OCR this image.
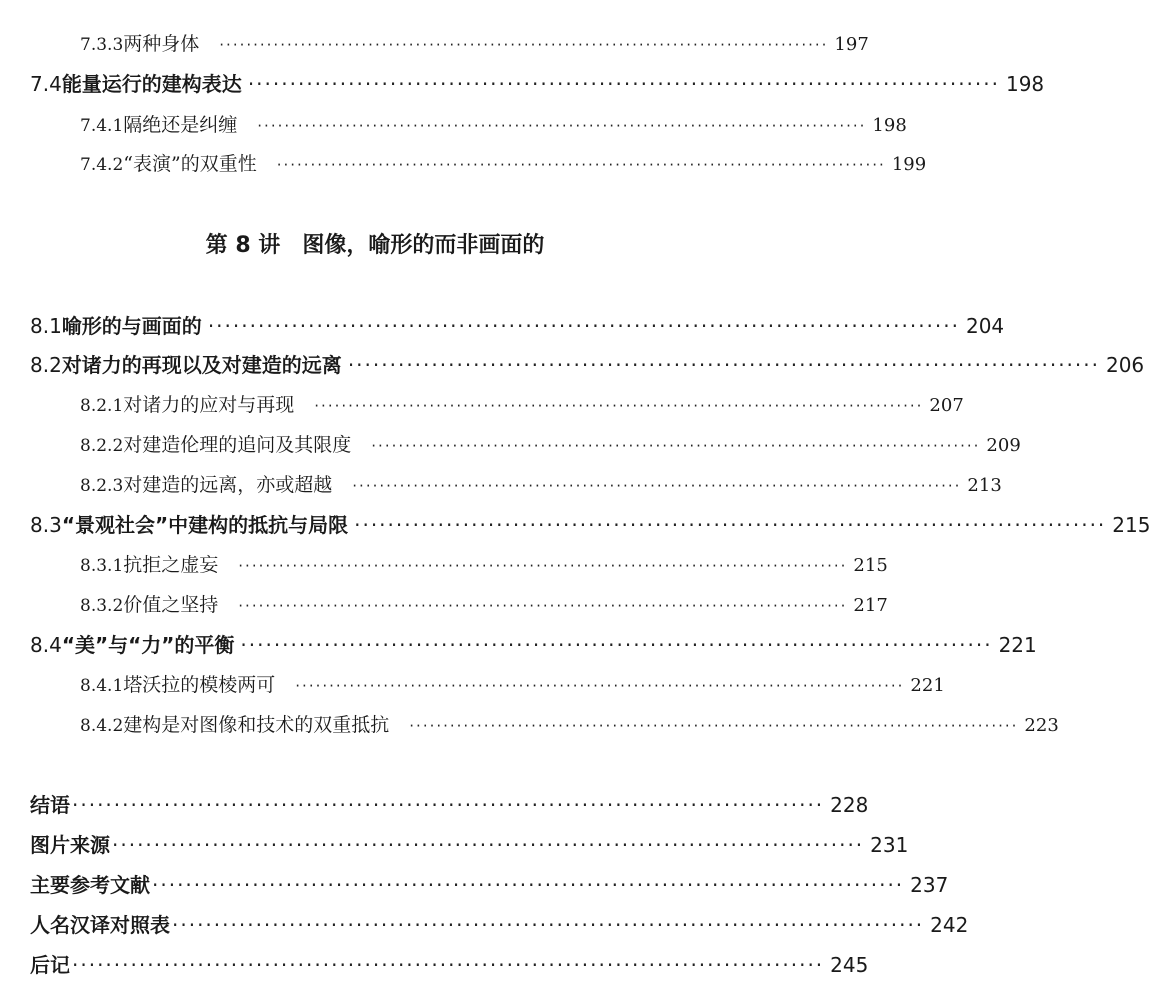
7.3.3 两种身体 ·························································································· 197
7.4 能量运行的建构表达 ·························································································· 198
7.4.1 隔绝还是纠缠 ·························································································· 198
7.4.2 “表演”的双重性 ·························································································· 199
第 8 讲 图像，喻形的而非画面的
8.1 喻形的与画面的 ·························································································· 204
8.2 对诸力的再现以及对建造的远离 ·························································································· 206
8.2.1 对诸力的应对与再现 ·························································································· 207
8.2.2 对建造伦理的追问及其限度 ·························································································· 209
8.2.3 对建造的远离，亦或超越 ·························································································· 213
8.3 “景观社会”中建构的抵抗与局限 ·························································································· 215
8.3.1 抗拒之虚妄 ·························································································· 215
8.3.2 价值之坚持 ·························································································· 217
8.4 “美”与“力”的平衡 ·························································································· 221
8.4.1 塔沃拉的模棱两可 ·························································································· 221
8.4.2 建构是对图像和技术的双重抵抗 ·························································································· 223
结语 ·························································································· 228
图片来源 ·························································································· 231
主要参考文献 ·························································································· 237
人名汉译对照表 ·························································································· 242
后记 ·························································································· 245
